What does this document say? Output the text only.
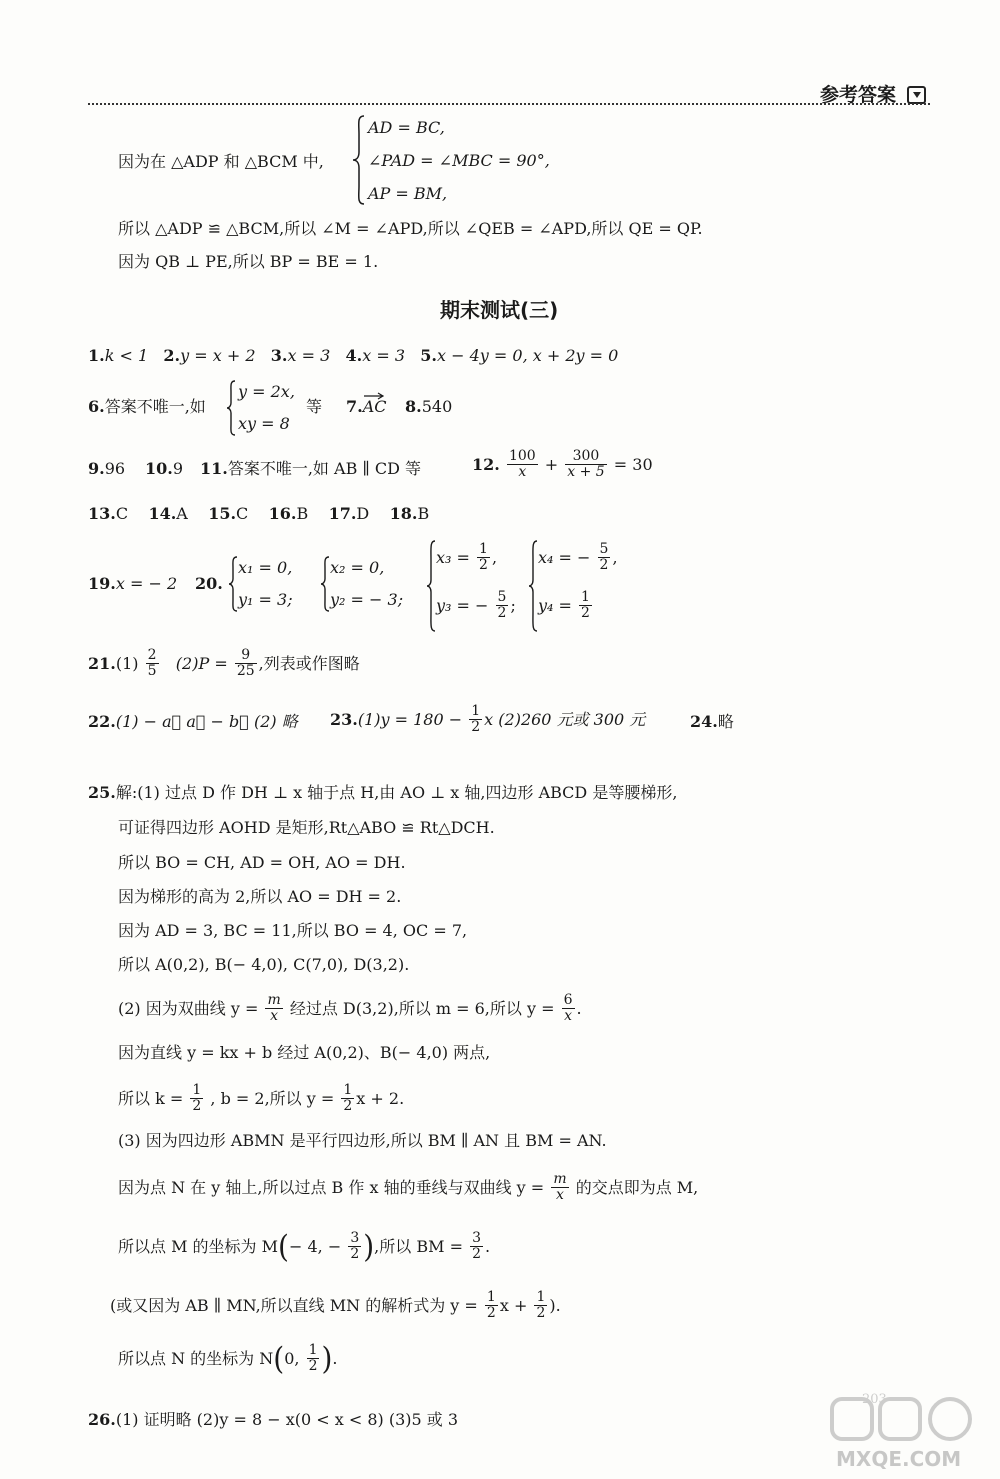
参考答案
因为在 △ADP 和 △BCM 中,
AD = BC,
∠PAD = ∠MBC = 90°,
AP = BM,
所以 △ADP ≌ △BCM,所以 ∠M = ∠APD,所以 ∠QEB = ∠APD,所以 QE = QP.
因为 QB ⊥ PE,所以 BP = BE = 1.
期末测试(三)
1.k < 1 2.y = x + 2 3.x = 3 4.x = 3 5.x − 4y = 0, x + 2y = 0
6.答案不唯一,如
y = 2x,
xy = 8
等 7.AC 8.540
9.96 10.9 11.答案不唯一,如 AB ∥ CD 等	12. $\frac{100}{x} + \frac{300}{x + 5} = 30$
13.C 14.A 15.C 16.B 17.D 18.B
19.x = − 2 20.
x₁ = 0,
y₁ = 3;
x₂ = 0,
y₂ = − 3;
$x_3 = \frac{1}{2}$ ,
y₃ = − $\frac{5}{2}$ ;
x₄ = − $\frac{5}{2}$ ,
$y_4 = \frac{1}{2}$
$21.(1) \frac{2}{5} (2)P = \frac{9}{25}$ ,列表或作图略
22.(1) − a⃗ a⃗ − b⃗ (2) 略 $23.(1)y = 180 - \frac{1}{2}$ x (2)260 元或 300 元	24.略
25.解:(1) 过点 D 作 DH ⊥ x 轴于点 H,由 AO ⊥ x 轴,四边形 ABCD 是等腰梯形,
可证得四边形 AOHD 是矩形,Rt△ABO ≌ Rt△DCH.
所以 BO = CH, AD = OH, AO = DH.
因为梯形的高为 2,所以 AO = DH = 2.
因为 AD = 3, BC = 11,所以 BO = 4, OC = 7,
所以 A(0,2), B(− 4,0), C(7,0), D(3,2).
(2) 因为双曲线 $y = \frac{m}{x}$ 经过点 D(3,2),所以 m = 6,所以 $y = \frac{6}{x}$ .
因为直线 y = kx + b 经过 A(0,2)、B(− 4,0) 两点,
所以 $k = \frac{1}{2}$ , b = 2,所以 $y = \frac{1}{2}$ x + 2.
(3) 因为四边形 ABMN 是平行四边形,所以 BM ∥ AN 且 BM = AN.
因为点 N 在 y 轴上,所以过点 B 作 x 轴的垂线与双曲线 $y = \frac{m}{x}$ 的交点即为点 M,
所以点 M 的坐标为 M(− 4, − $\frac{3}{2}$ ),所以 BM = $\frac{3}{2}$ .
(或又因为 AB ∥ MN,所以直线 MN 的解析式为 $y = \frac{1}{2}$ $x + \frac{1}{2}$ ).
所以点 N 的坐标为 N(0, $\frac{1}{2}$ ).
26.(1) 证明略 (2)y = 8 − x(0 < x < 8) (3)5 或 3
203
MXQE.COM
